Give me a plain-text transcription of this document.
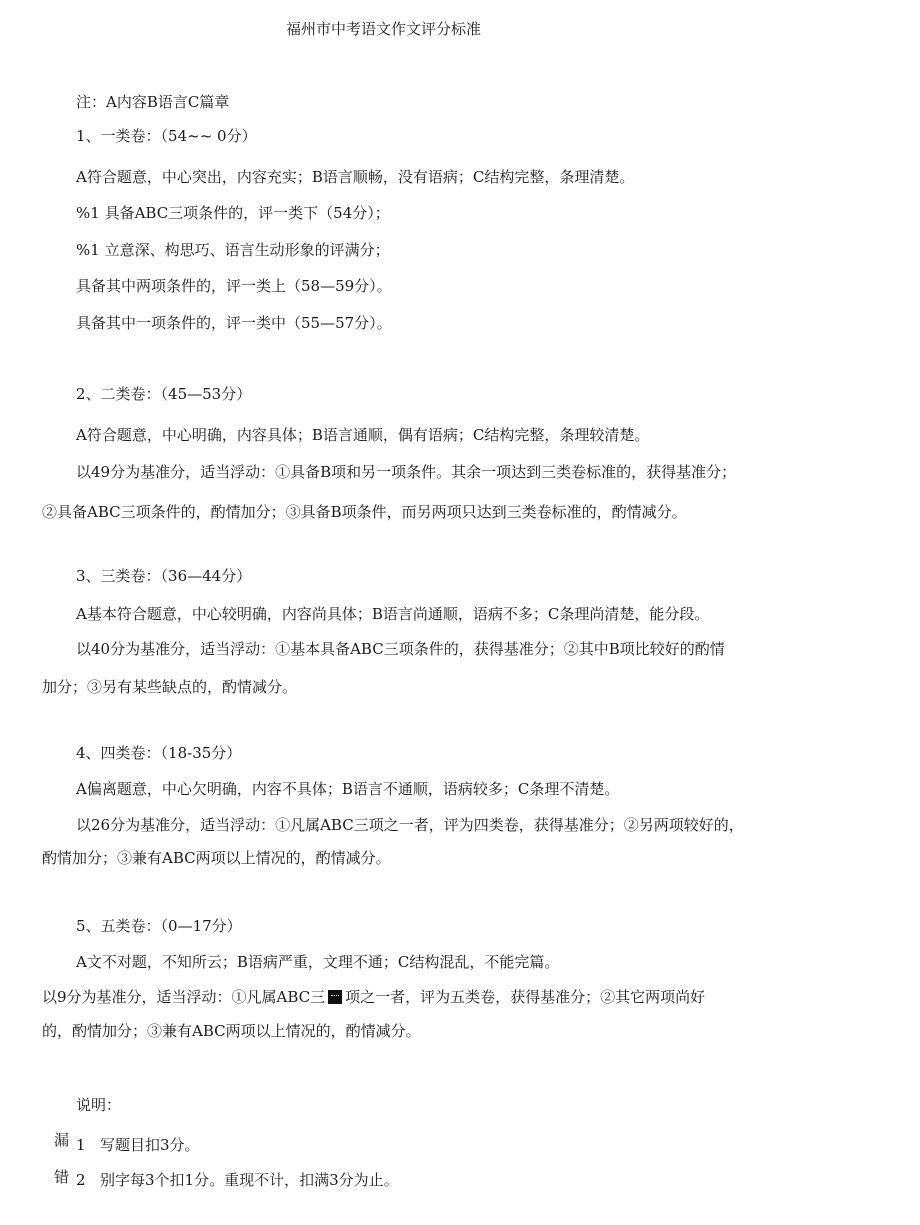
福州市中考语文作文评分标准
注：A内容B语言C篇章
1、一类卷：（54~~ 0分）
A符合题意，中心突出，内容充实；B语言顺畅，没有语病；C结构完整，条理清楚。
%1 具备ABC三项条件的，评一类下（54分）；
%1 立意深、构思巧、语言生动形象的评满分；
具备其中两项条件的，评一类上（58—59分）。
具备其中一项条件的，评一类中（55—57分）。
2、二类卷：（45—53分）
A符合题意，中心明确，内容具体；B语言通顺，偶有语病；C结构完整，条理较清楚。
以49分为基准分，适当浮动：①具备B项和另一项条件。其余一项达到三类卷标准的，获得基准分；
②具备ABC三项条件的，酌情加分；③具备B项条件，而另两项只达到三类卷标准的，酌情减分。
3、三类卷：（36—44分）
A基本符合题意，中心较明确，内容尚具体；B语言尚通顺，语病不多；C条理尚清楚，能分段。
以40分为基准分，适当浮动：①基本具备ABC三项条件的，获得基准分；②其中B项比较好的酌情
加分；③另有某些缺点的，酌情减分。
4、四类卷：（18-35分）
A偏离题意，中心欠明确，内容不具体；B语言不通顺，语病较多；C条理不清楚。
以26分为基准分，适当浮动：①凡属ABC三项之一者，评为四类卷，获得基准分；②另两项较好的，
酌情加分；③兼有ABC两项以上情况的，酌情减分。
5、五类卷：（0—17分）
A文不对题，不知所云；B语病严重，文理不通；C结构混乱，不能完篇。
以9分为基准分，适当浮动：①凡属ABC三 项之一者，评为五类卷，获得基准分；②其它两项尚好
的，酌情加分；③兼有ABC两项以上情况的，酌情减分。
说明：
漏 1 写题目扣3分。
错 2 别字每3个扣1分。重现不计，扣满3分为止。
